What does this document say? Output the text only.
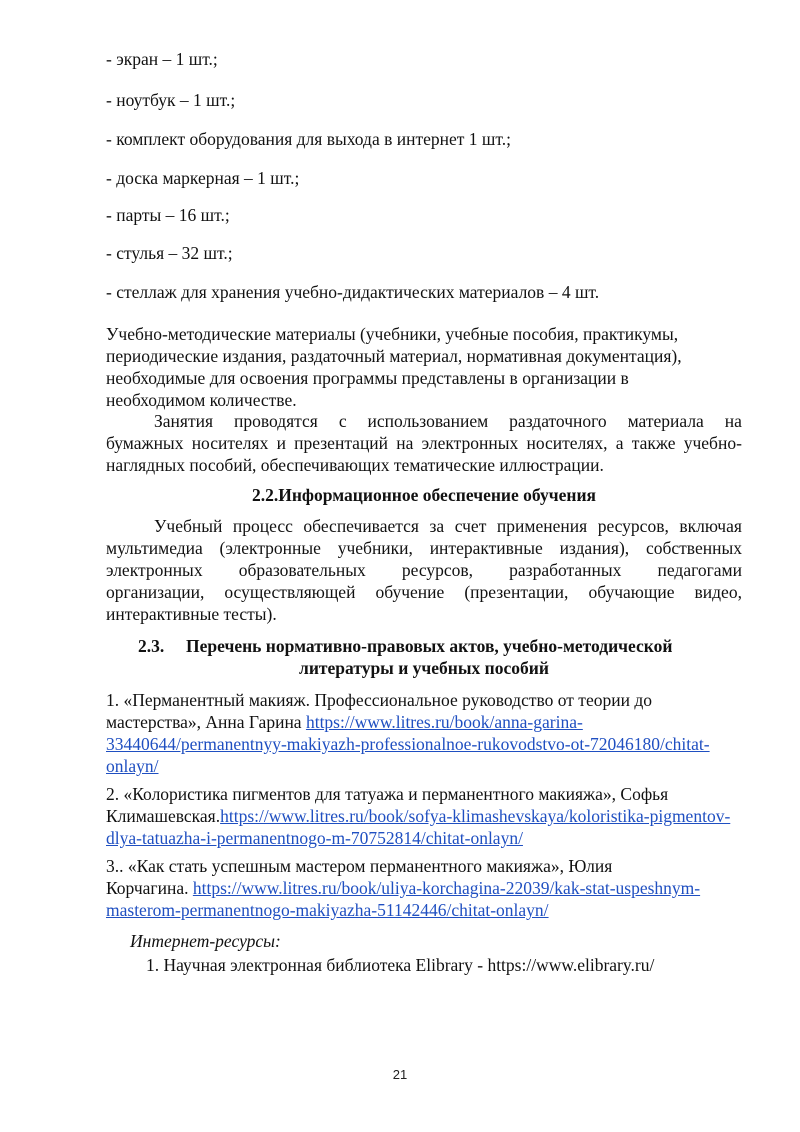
- экран – 1 шт.;
- ноутбук – 1 шт.;
- комплект оборудования для выхода в интернет 1 шт.;
- доска маркерная – 1 шт.;
- парты – 16 шт.;
- стулья – 32 шт.;
- стеллаж для хранения учебно-дидактических материалов – 4 шт.
Учебно-методические материалы (учебники, учебные пособия, практикумы,
периодические издания, раздаточный материал, нормативная документация),
необходимые для освоения программы представлены в организации в
необходимом количестве.
Занятия проводятся с использованием раздаточного материала на
бумажных носителях и презентаций на электронных носителях, а также учебно-
наглядных пособий, обеспечивающих тематические иллюстрации.
2.2.Информационное обеспечение обучения
Учебный процесс обеспечивается за счет применения ресурсов, включая
мультимедиа (электронные учебники, интерактивные издания), собственных
электронных образовательных ресурсов, разработанных педагогами
организации, осуществляющей обучение (презентации, обучающие видео,
интерактивные тесты).
2.3. Перечень нормативно-правовых актов, учебно-методической
литературы и учебных пособий
1. «Перманентный макияж. Профессиональное руководство от теории до
мастерства», Анна Гарина https://www.litres.ru/book/anna-garina-
33440644/permanentnyy-makiyazh-professionalnoe-rukovodstvo-ot-72046180/chitat-
onlayn/
2. «Колористика пигментов для татуажа и перманентного макияжа», Софья
Климашевская.https://www.litres.ru/book/sofya-klimashevskaya/koloristika-pigmentov-
dlya-tatuazha-i-permanentnogo-m-70752814/chitat-onlayn/
3.. «Как стать успешным мастером перманентного макияжа», Юлия
Корчагина. https://www.litres.ru/book/uliya-korchagina-22039/kak-stat-uspeshnym-
masterom-permanentnogo-makiyazha-51142446/chitat-onlayn/
Интернет-ресурсы:
1. Научная электронная библиотека Elibrary - https://www.elibrary.ru/
21
